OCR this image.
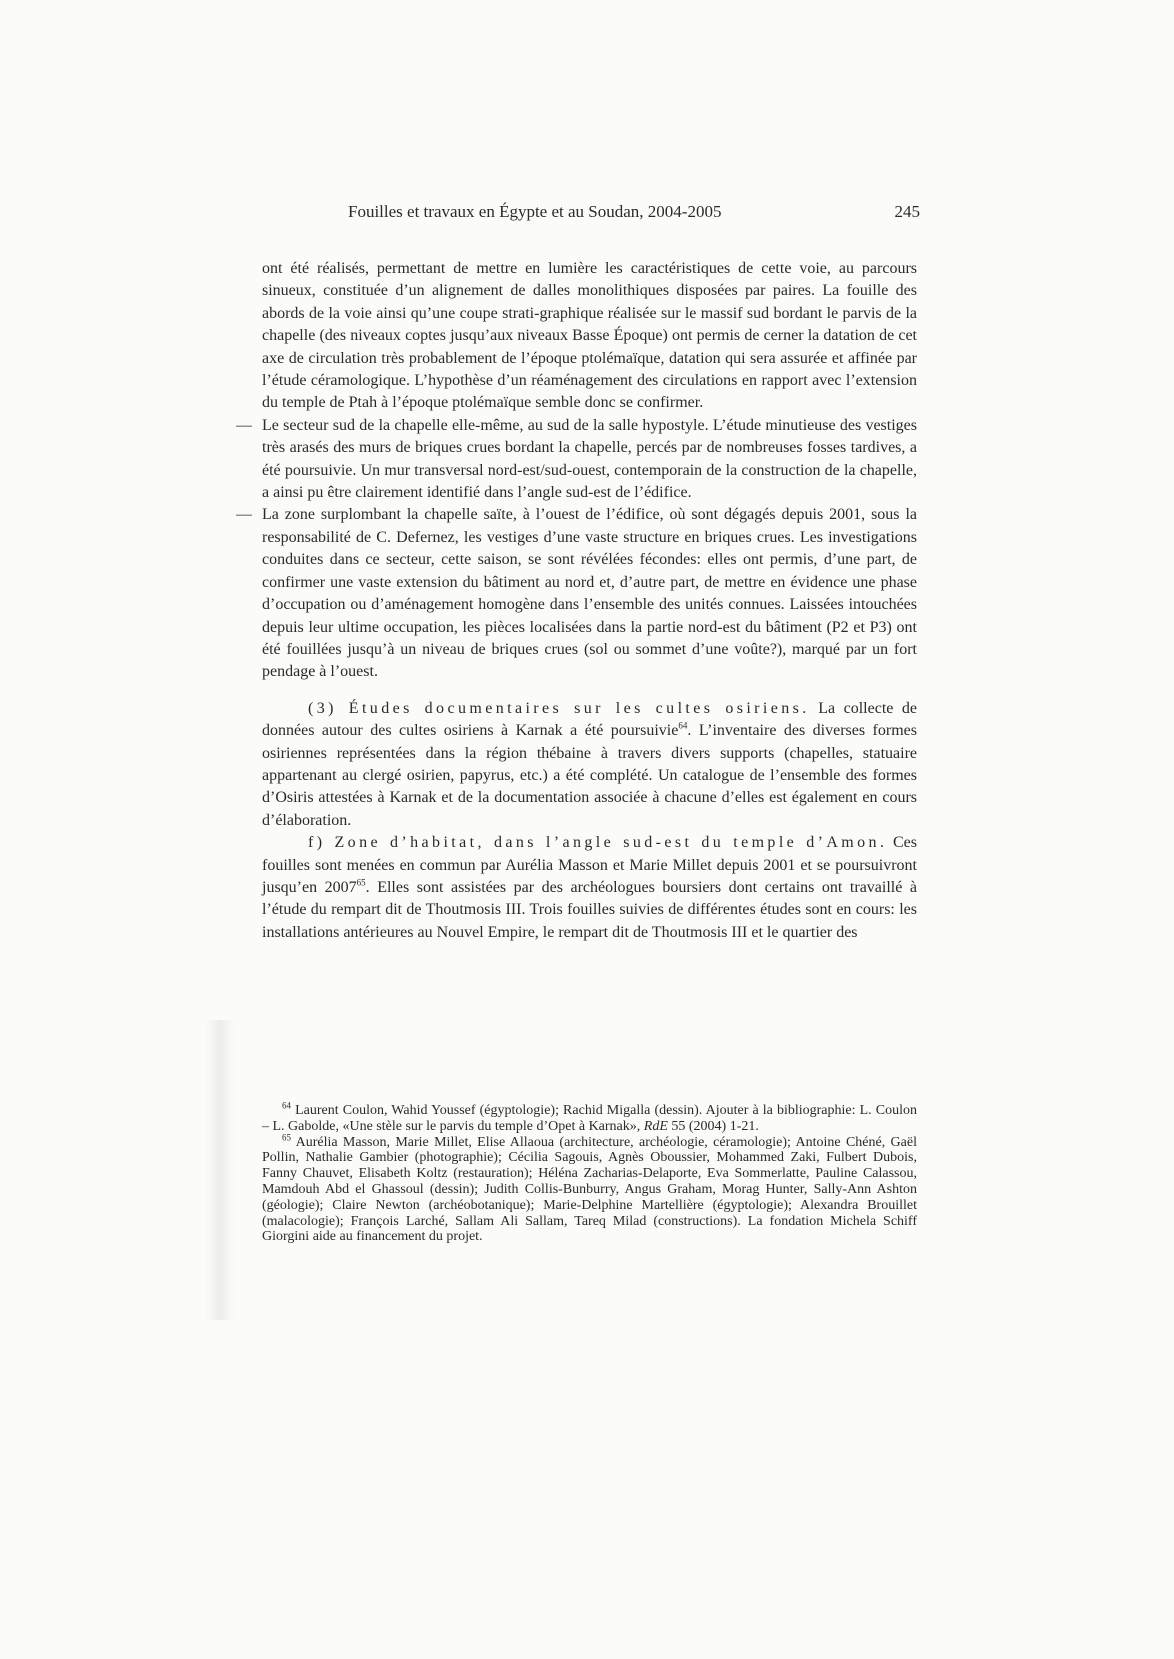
Fouilles et travaux en Égypte et au Soudan, 2004-2005	245

ont été réalisés, permettant de mettre en lumière les caractéristiques de cette voie, au parcours sinueux, constituée d’un alignement de dalles monolithiques disposées par paires. La fouille des abords de la voie ainsi qu’une coupe strati-graphique réalisée sur le massif sud bordant le parvis de la chapelle (des niveaux coptes jusqu’aux niveaux Basse Époque) ont permis de cerner la datation de cet axe de circulation très probablement de l’époque ptolémaïque, datation qui sera assurée et affinée par l’étude céramologique. L’hypothèse d’un réaménagement des circulations en rapport avec l’extension du temple de Ptah à l’époque ptolémaïque semble donc se confirmer.

— Le secteur sud de la chapelle elle-même, au sud de la salle hypostyle. L’étude minutieuse des vestiges très arasés des murs de briques crues bordant la chapelle, percés par de nombreuses fosses tardives, a été poursuivie. Un mur transversal nord-est/sud-ouest, contemporain de la construction de la chapelle, a ainsi pu être clairement identifié dans l’angle sud-est de l’édifice.

— La zone surplombant la chapelle saïte, à l’ouest de l’édifice, où sont dégagés depuis 2001, sous la responsabilité de C. Defernez, les vestiges d’une vaste structure en briques crues. Les investigations conduites dans ce secteur, cette saison, se sont révélées fécondes: elles ont permis, d’une part, de confirmer une vaste extension du bâtiment au nord et, d’autre part, de mettre en évidence une phase d’occupation ou d’aménagement homogène dans l’ensemble des unités connues. Laissées intouchées depuis leur ultime occupation, les pièces localisées dans la partie nord-est du bâtiment (P2 et P3) ont été fouillées jusqu’à un niveau de briques crues (sol ou sommet d’une voûte?), marqué par un fort pendage à l’ouest.

(3) Études documentaires sur les cultes osiriens. La collecte de données autour des cultes osiriens à Karnak a été poursuivie$^{64}$. L’inventaire des diverses formes osiriennes représentées dans la région thébaine à travers divers supports (chapelles, statuaire appartenant au clergé osirien, papyrus, etc.) a été complété. Un catalogue de l’ensemble des formes d’Osiris attestées à Karnak et de la documentation associée à chacune d’elles est également en cours d’élaboration.

f) Zone d’habitat, dans l’angle sud-est du temple d’Amon. Ces fouilles sont menées en commun par Aurélia Masson et Marie Millet depuis 2001 et se poursuivront jusqu’en 2007$^{65}$. Elles sont assistées par des archéologues boursiers dont certains ont travaillé à l’étude du rempart dit de Thoutmosis III. Trois fouilles suivies de différentes études sont en cours: les installations antérieures au Nouvel Empire, le rempart dit de Thoutmosis III et le quartier des

$^{64}$ Laurent Coulon, Wahid Youssef (égyptologie); Rachid Migalla (dessin). Ajouter à la bibliographie: L. Coulon – L. Gabolde, «Une stèle sur le parvis du temple d’Opet à Karnak», RdE 55 (2004) 1-21.

$^{65}$ Aurélia Masson, Marie Millet, Elise Allaoua (architecture, archéologie, céramologie); Antoine Chéné, Gaël Pollin, Nathalie Gambier (photographie); Cécilia Sagouis, Agnès Oboussier, Mohammed Zaki, Fulbert Dubois, Fanny Chauvet, Elisabeth Koltz (restauration); Héléna Zacharias-Delaporte, Eva Sommerlatte, Pauline Calassou, Mamdouh Abd el Ghassoul (dessin); Judith Collis-Bunburry, Angus Graham, Morag Hunter, Sally-Ann Ashton (géologie); Claire Newton (archéobotanique); Marie-Delphine Martellière (égyptologie); Alexandra Brouillet (malacologie); François Larché, Sallam Ali Sallam, Tareq Milad (constructions). La fondation Michela Schiff Giorgini aide au financement du projet.
